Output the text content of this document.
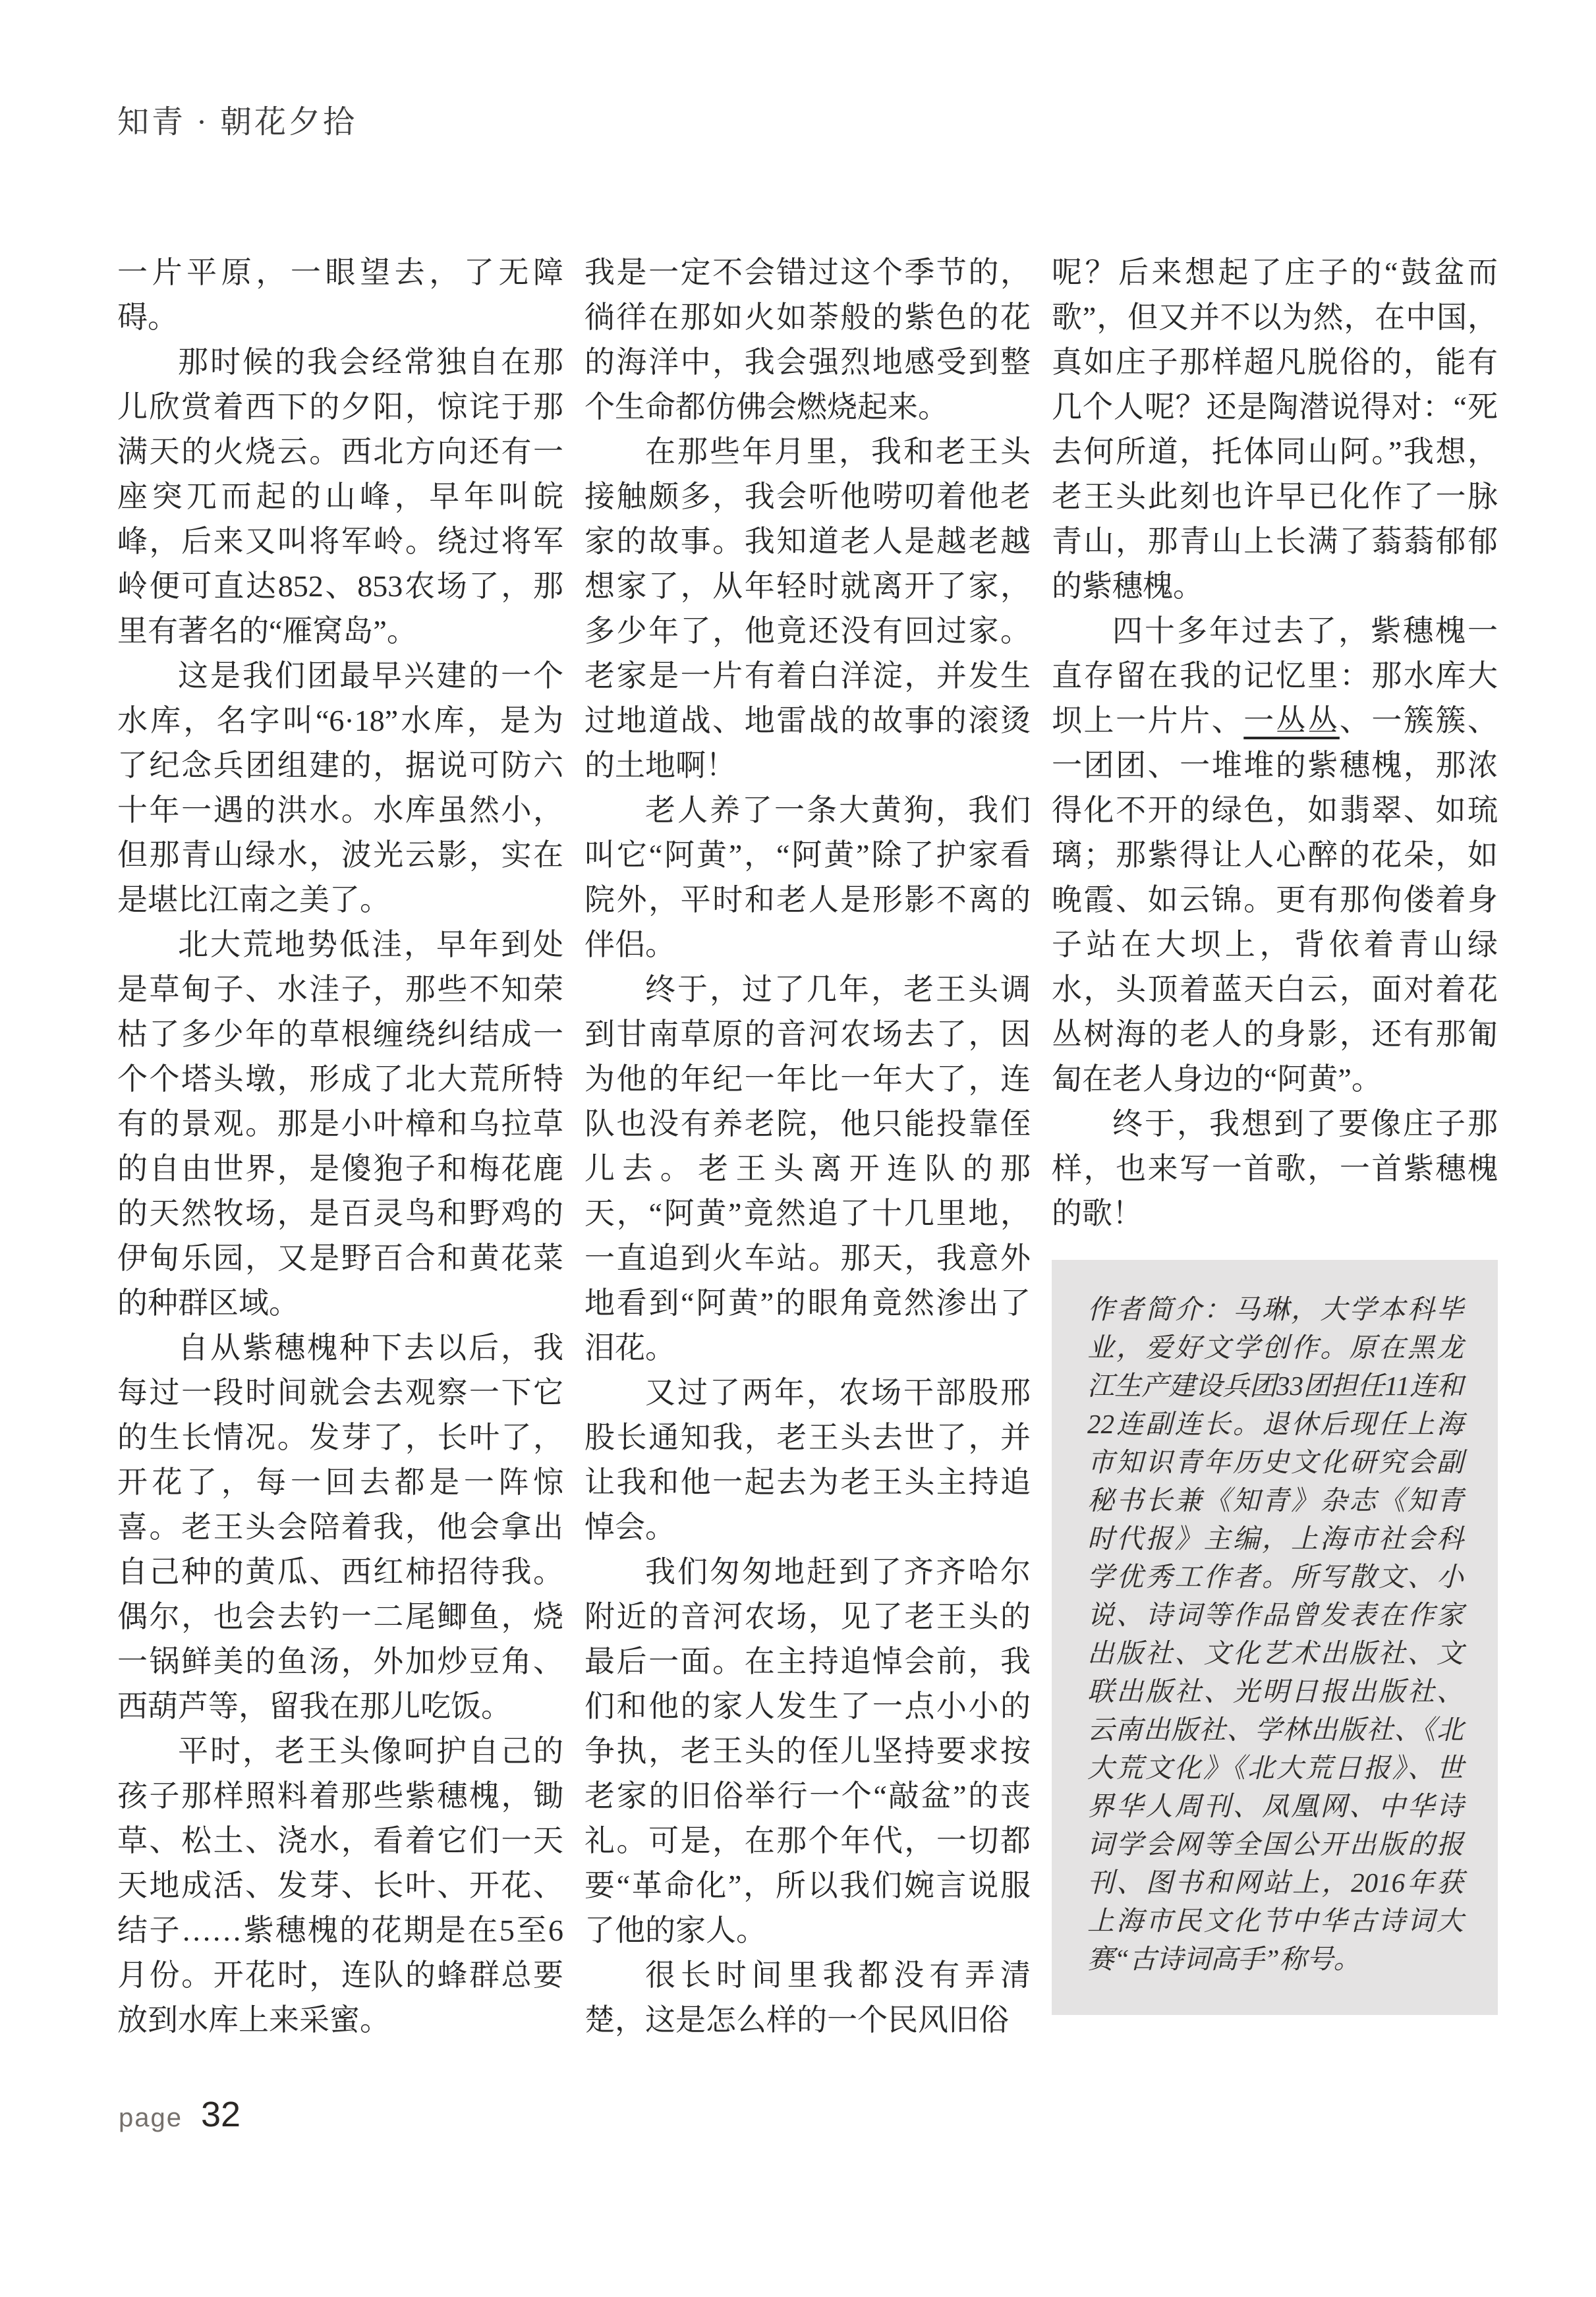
知青 · 朝花夕拾

一片平原，一眼望去，了无障碍。

那时候的我会经常独自在那儿欣赏着西下的夕阳，惊诧于那满天的火烧云。西北方向还有一座突兀而起的山峰，早年叫皖峰，后来又叫将军岭。绕过将军岭便可直达852、853农场了，那里有著名的“雁窝岛”。

这是我们团最早兴建的一个水库，名字叫“6·18”水库，是为了纪念兵团组建的，据说可防六十年一遇的洪水。水库虽然小，但那青山绿水，波光云影，实在是堪比江南之美了。

北大荒地势低洼，早年到处是草甸子、水洼子，那些不知荣枯了多少年的草根缠绕纠结成一个个塔头墩，形成了北大荒所特有的景观。那是小叶樟和乌拉草的自由世界，是傻狍子和梅花鹿的天然牧场，是百灵鸟和野鸡的伊甸乐园，又是野百合和黄花菜的种群区域。

自从紫穗槐种下去以后，我每过一段时间就会去观察一下它的生长情况。发芽了，长叶了，开花了，每一回去都是一阵惊喜。老王头会陪着我，他会拿出自己种的黄瓜、西红柿招待我。偶尔，也会去钓一二尾鲫鱼，烧一锅鲜美的鱼汤，外加炒豆角、西葫芦等，留我在那儿吃饭。

平时，老王头像呵护自己的孩子那样照料着那些紫穗槐，锄草、松土、浇水，看着它们一天天地成活、发芽、长叶、开花、结子……紫穗槐的花期是在5至6月份。开花时，连队的蜂群总要放到水库上来采蜜。

我是一定不会错过这个季节的，徜徉在那如火如荼般的紫色的花的海洋中，我会强烈地感受到整个生命都仿佛会燃烧起来。

在那些年月里，我和老王头接触颇多，我会听他唠叨着他老家的故事。我知道老人是越老越想家了，从年轻时就离开了家，多少年了，他竟还没有回过家。老家是一片有着白洋淀，并发生过地道战、地雷战的故事的滚烫的土地啊！

老人养了一条大黄狗，我们叫它“阿黄”，“阿黄”除了护家看院外，平时和老人是形影不离的伴侣。

终于，过了几年，老王头调到甘南草原的音河农场去了，因为他的年纪一年比一年大了，连队也没有养老院，他只能投靠侄儿去。老王头离开连队的那天，“阿黄”竟然追了十几里地，一直追到火车站。那天，我意外地看到“阿黄”的眼角竟然渗出了泪花。

又过了两年，农场干部股邢股长通知我，老王头去世了，并让我和他一起去为老王头主持追悼会。

我们匆匆地赶到了齐齐哈尔附近的音河农场，见了老王头的最后一面。在主持追悼会前，我们和他的家人发生了一点小小的争执，老王头的侄儿坚持要求按老家的旧俗举行一个“敲盆”的丧礼。可是，在那个年代，一切都要“革命化”，所以我们婉言说服了他的家人。

很长时间里我都没有弄清楚，这是怎么样的一个民风旧俗

呢？后来想起了庄子的“鼓盆而歌”，但又并不以为然，在中国，真如庄子那样超凡脱俗的，能有几个人呢？还是陶潜说得对：“死去何所道，托体同山阿。”我想，老王头此刻也许早已化作了一脉青山，那青山上长满了蓊蓊郁郁的紫穗槐。

四十多年过去了，紫穗槐一直存留在我的记忆里：那水库大坝上一片片、一丛丛、一簇簇、一团团、一堆堆的紫穗槐，那浓得化不开的绿色，如翡翠、如琉璃；那紫得让人心醉的花朵，如晚霞、如云锦。更有那佝偻着身子站在大坝上，背依着青山绿水，头顶着蓝天白云，面对着花丛树海的老人的身影，还有那匍匐在老人身边的“阿黄”。

终于，我想到了要像庄子那样，也来写一首歌，一首紫穗槐的歌！

作者简介：马琳，大学本科毕业，爱好文学创作。原在黑龙江生产建设兵团33团担任11连和22连副连长。退休后现任上海市知识青年历史文化研究会副秘书长兼《知青》杂志《知青时代报》主编，上海市社会科学优秀工作者。所写散文、小说、诗词等作品曾发表在作家出版社、文化艺术出版社、文联出版社、光明日报出版社、云南出版社、学林出版社、《北大荒文化》《北大荒日报》、世界华人周刊、凤凰网、中华诗词学会网等全国公开出版的报刊、图书和网站上，2016年获上海市民文化节中华古诗词大赛“古诗词高手”称号。
page 32
